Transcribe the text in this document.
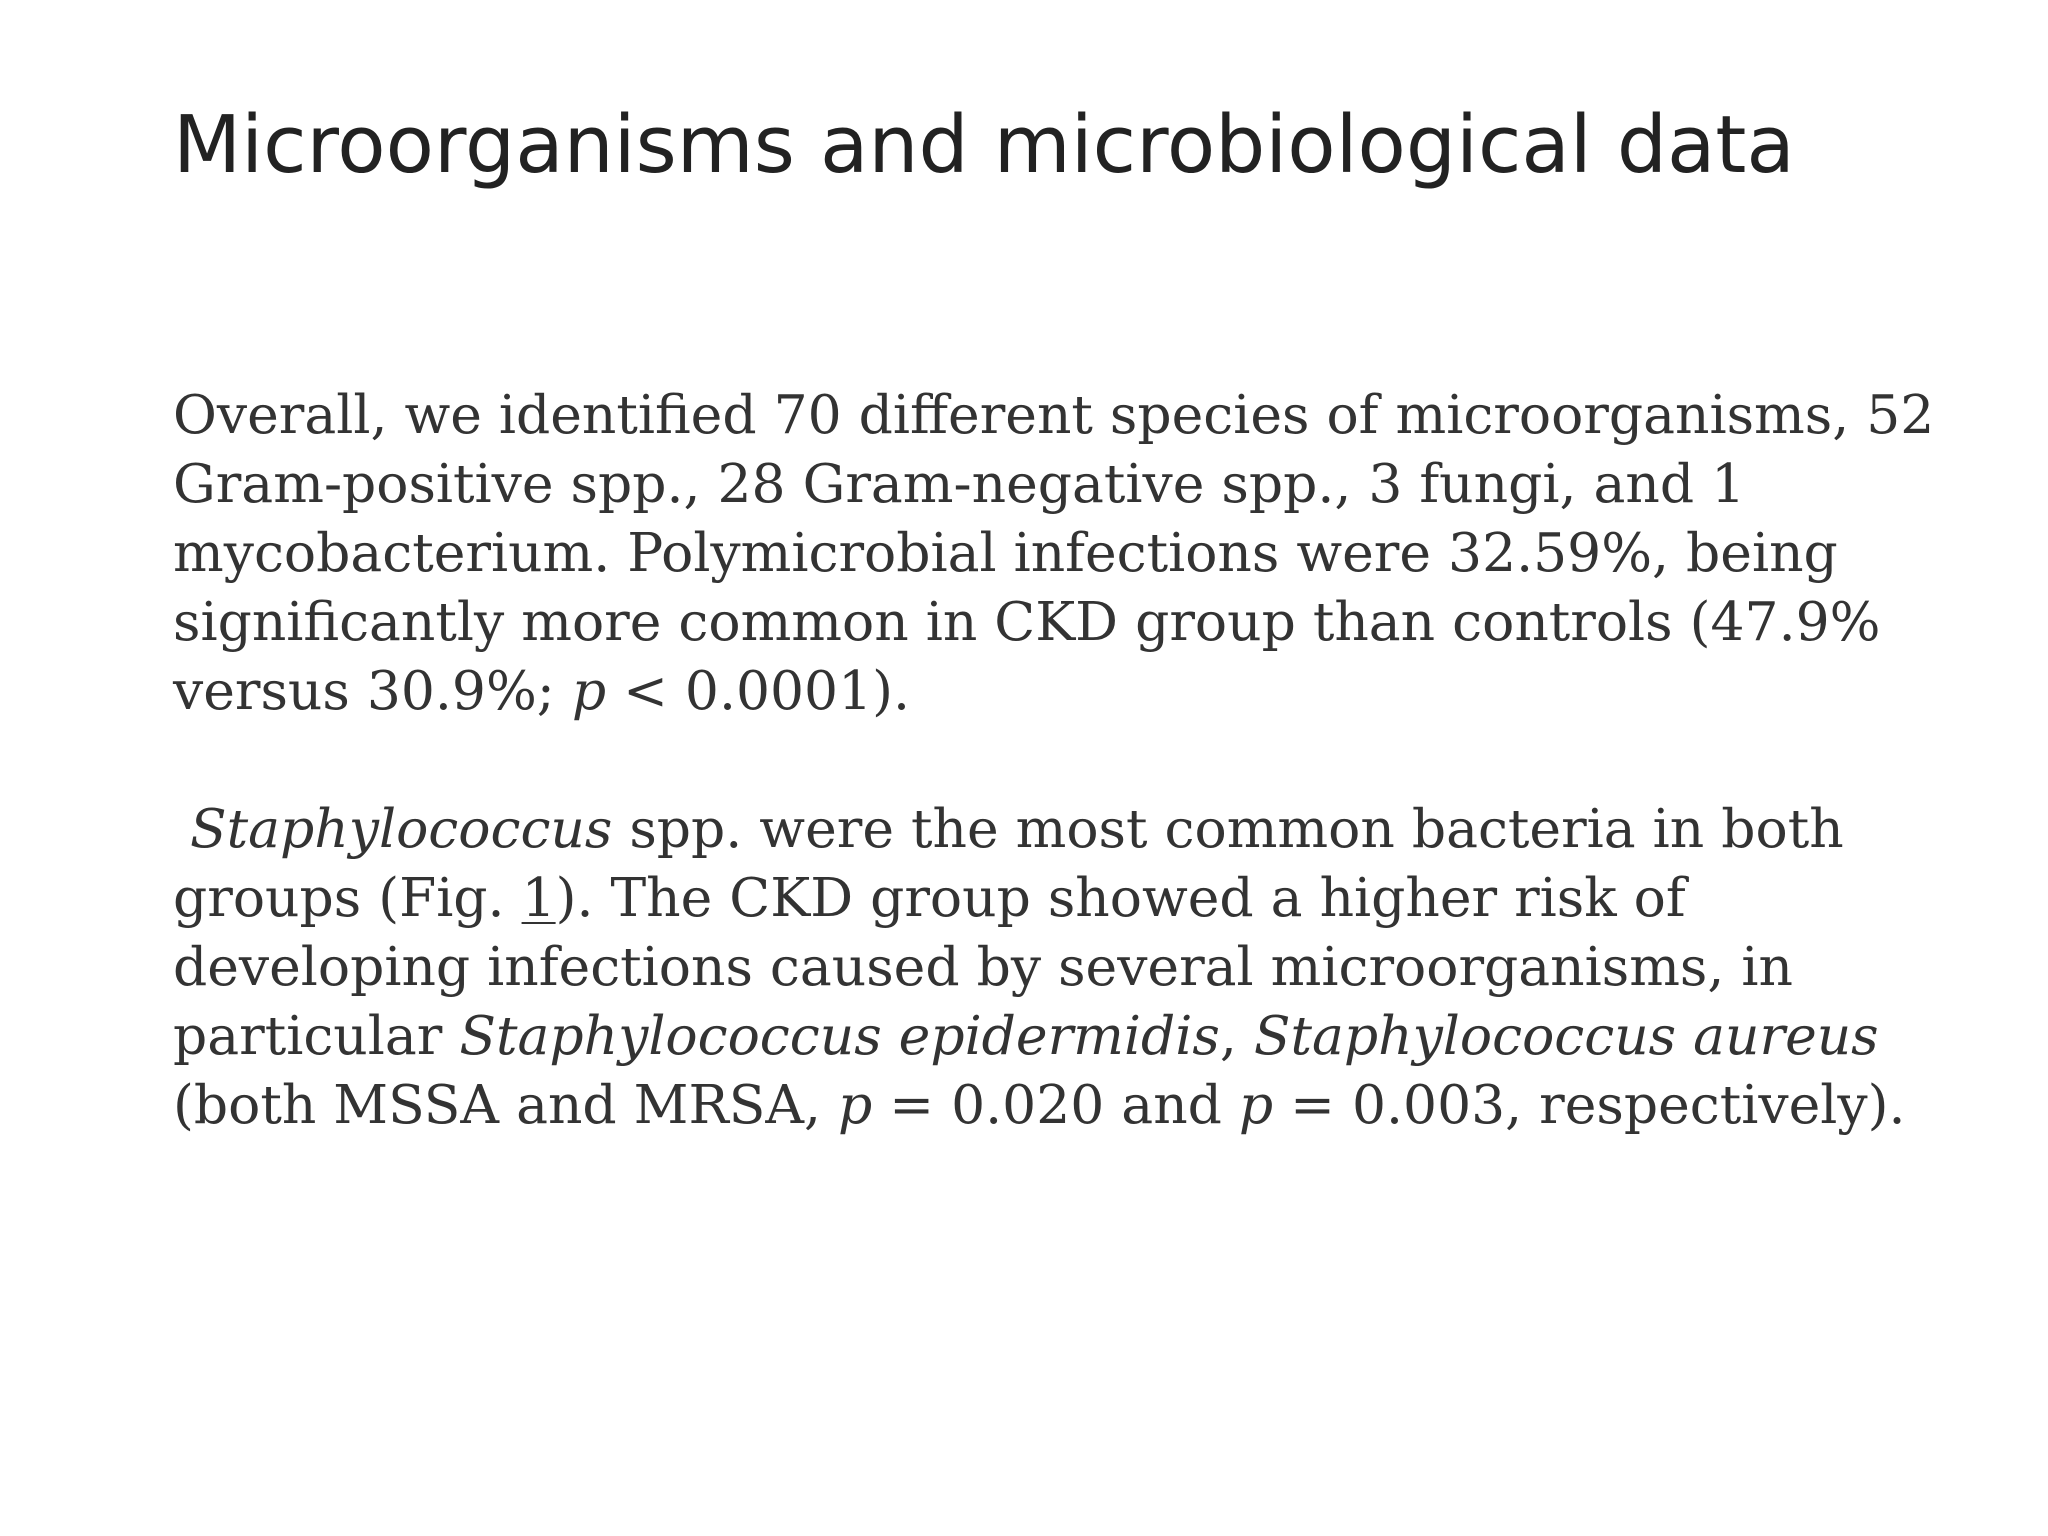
Microorganisms and microbiological data

Overall, we identified 70 different species of microorganisms, 52 Gram-positive spp., 28 Gram-negative spp., 3 fungi, and 1 mycobacterium. Polymicrobial infections were 32.59%, being significantly more common in CKD group than controls (47.9% versus 30.9%; p < 0.0001).

Staphylococcus spp. were the most common bacteria in both groups (Fig. 1). The CKD group showed a higher risk of developing infections caused by several microorganisms, in particular Staphylococcus epidermidis, Staphylococcus aureus (both MSSA and MRSA, p = 0.020 and p = 0.003, respectively).
